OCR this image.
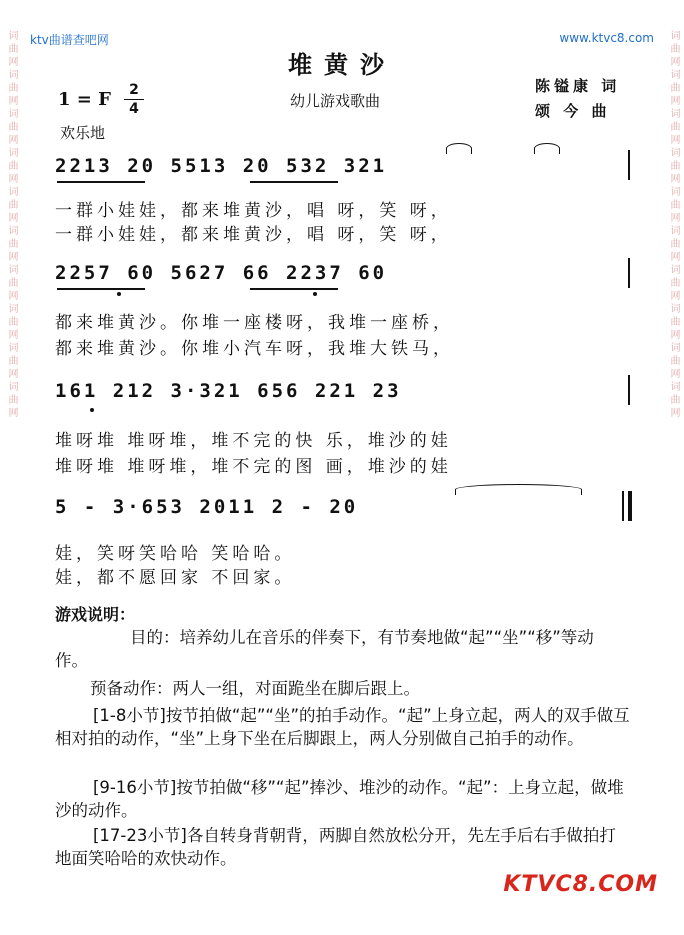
词曲网词曲网词曲网词曲网词曲网词曲网词曲网词曲网词曲网词曲网	词曲网词曲网词曲网词曲网词曲网词曲网词曲网词曲网词曲网词曲网
ktv曲谱查吧网	www.ktvc8.com
堆黄沙
1 = F	2
4	幼儿游戏歌曲
陈镒康 词
颂 今 曲
欢乐地
2213 20 5513 20 532 321
一群小娃娃，都来堆黄沙，唱 呀，笑 呀，
一群小娃娃，都来堆黄沙，唱 呀，笑 呀，
2257 60 5627 66 2237 60
都来堆黄沙。你堆一座楼呀，我堆一座桥，
都来堆黄沙。你堆小汽车呀，我堆大铁马，
161 212 3·321 656 221 23
堆呀堆 堆呀堆，堆不完的快 乐，堆沙的娃
堆呀堆 堆呀堆，堆不完的图 画，堆沙的娃
5 - 3·653 2011 2 - 20
娃，笑呀笑哈哈 笑哈哈。
娃，都不愿回家 不回家。
游戏说明：
目的：培养幼儿在音乐的伴奏下，有节奏地做“起”“坐”“移”等动作。
预备动作：两人一组，对面跪坐在脚后跟上。
[1-8小节]按节拍做“起”“坐”的拍手动作。“起”上身立起，两人的双手做互相对拍的动作，“坐”上身下坐在后脚跟上，两人分别做自己拍手的动作。
[9-16小节]按节拍做“移”“起”捧沙、堆沙的动作。“起”：上身立起，做堆沙的动作。
[17-23小节]各自转身背朝背，两脚自然放松分开，先左手后右手做拍打地面笑哈哈的欢快动作。
KTVC8.COM
